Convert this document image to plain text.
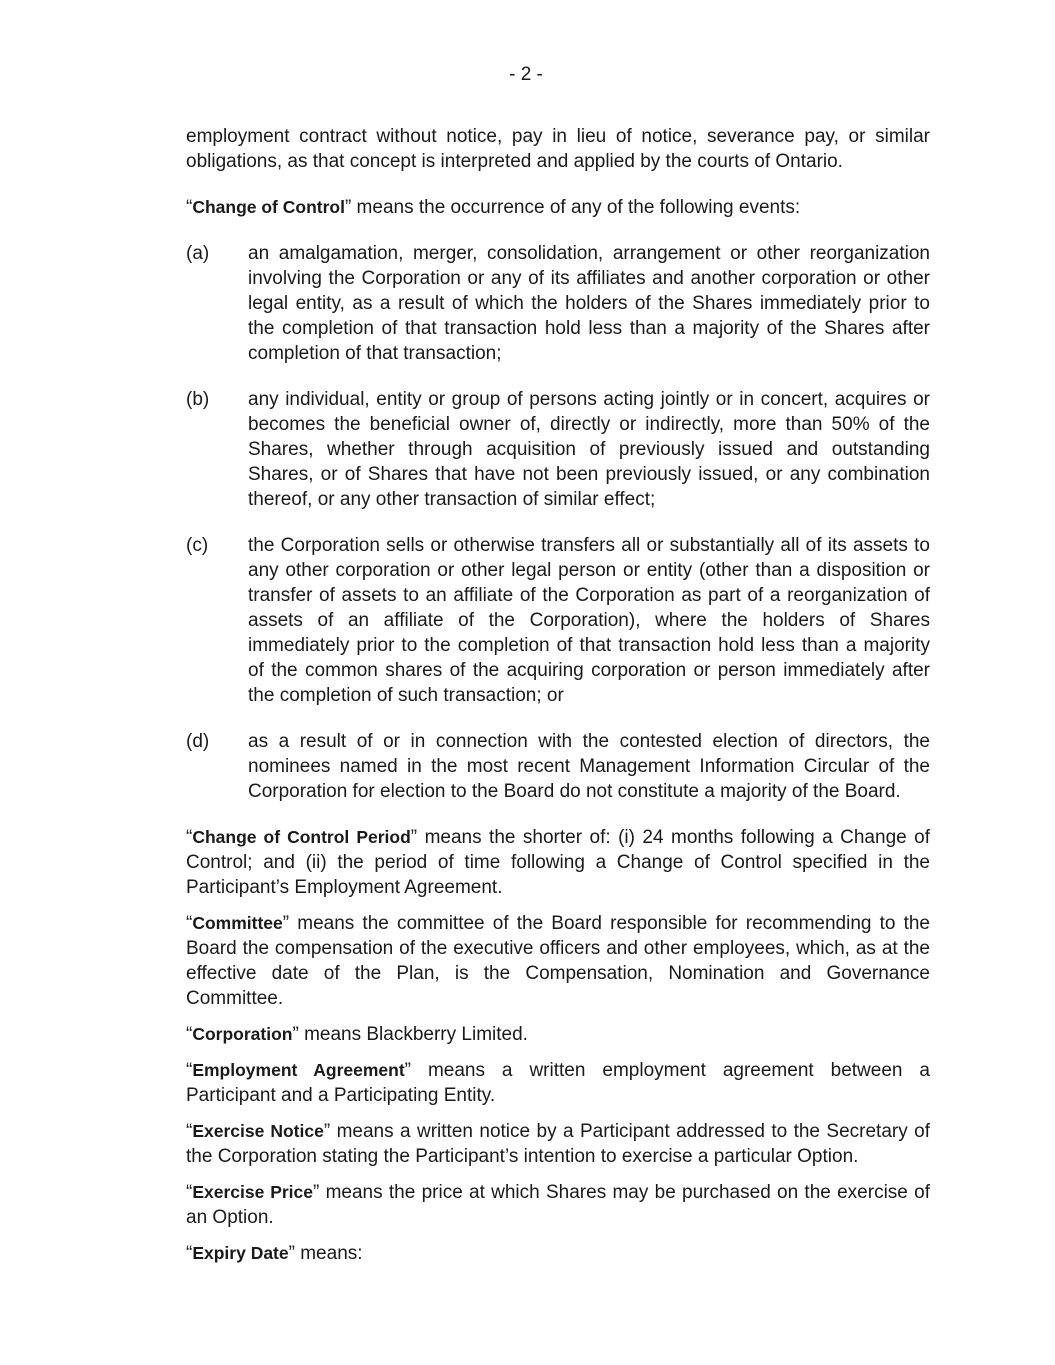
- 2 -

employment contract without notice, pay in lieu of notice, severance pay, or similar obligations, as that concept is interpreted and applied by the courts of Ontario.

“Change of Control” means the occurrence of any of the following events:

(a)	an amalgamation, merger, consolidation, arrangement or other reorganization involving the Corporation or any of its affiliates and another corporation or other legal entity, as a result of which the holders of the Shares immediately prior to the completion of that transaction hold less than a majority of the Shares after completion of that transaction;
(b)	any individual, entity or group of persons acting jointly or in concert, acquires or becomes the beneficial owner of, directly or indirectly, more than 50% of the Shares, whether through acquisition of previously issued and outstanding Shares, or of Shares that have not been previously issued, or any combination thereof, or any other transaction of similar effect;
(c)	the Corporation sells or otherwise transfers all or substantially all of its assets to any other corporation or other legal person or entity (other than a disposition or transfer of assets to an affiliate of the Corporation as part of a reorganization of assets of an affiliate of the Corporation), where the holders of Shares immediately prior to the completion of that transaction hold less than a majority of the common shares of the acquiring corporation or person immediately after the completion of such transaction; or
(d)	as a result of or in connection with the contested election of directors, the nominees named in the most recent Management Information Circular of the Corporation for election to the Board do not constitute a majority of the Board.

“Change of Control Period” means the shorter of: (i) 24 months following a Change of Control; and (ii) the period of time following a Change of Control specified in the Participant’s Employment Agreement.

“Committee” means the committee of the Board responsible for recommending to the Board the compensation of the executive officers and other employees, which, as at the effective date of the Plan, is the Compensation, Nomination and Governance Committee.

“Corporation” means Blackberry Limited.

“Employment Agreement” means a written employment agreement between a Participant and a Participating Entity.

“Exercise Notice” means a written notice by a Participant addressed to the Secretary of the Corporation stating the Participant’s intention to exercise a particular Option.

“Exercise Price” means the price at which Shares may be purchased on the exercise of an Option.

“Expiry Date” means:
